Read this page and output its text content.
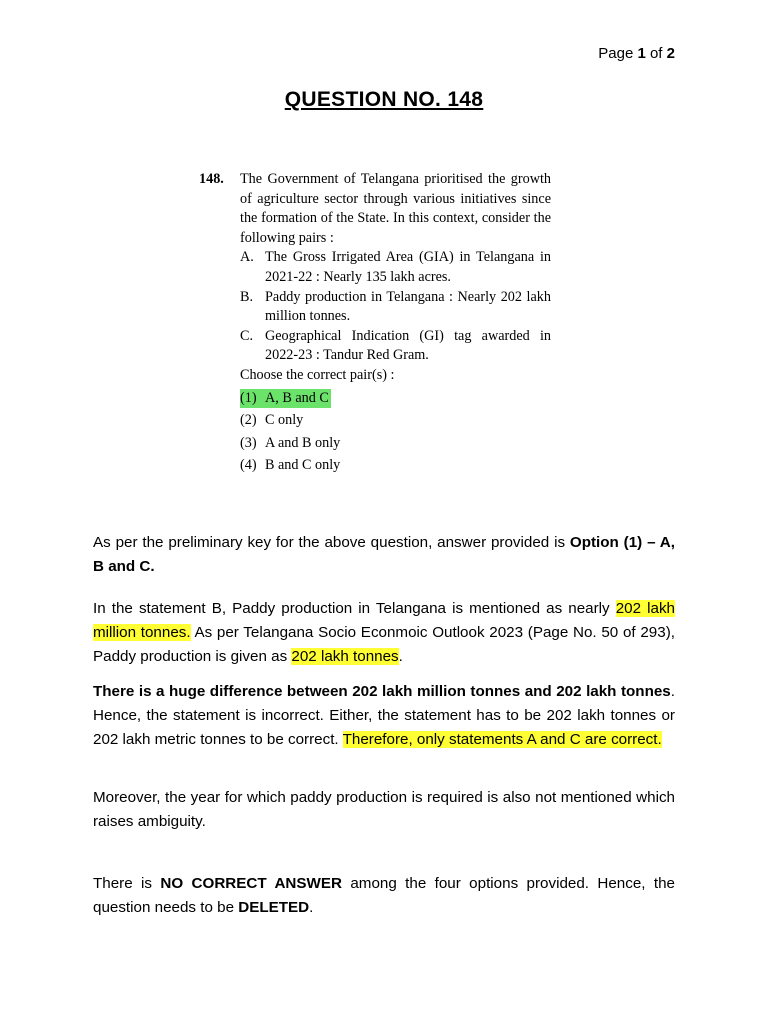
Page 1 of 2
QUESTION NO. 148
148. The Government of Telangana prioritised the growth of agriculture sector through various initiatives since the formation of the State. In this context, consider the following pairs :
A. The Gross Irrigated Area (GIA) in Telangana in 2021-22 : Nearly 135 lakh acres.
B. Paddy production in Telangana : Nearly 202 lakh million tonnes.
C. Geographical Indication (GI) tag awarded in 2022-23 : Tandur Red Gram.
Choose the correct pair(s) :
(1) A, B and C
(2) C only
(3) A and B only
(4) B and C only
As per the preliminary key for the above question, answer provided is Option (1) – A, B and C.
In the statement B, Paddy production in Telangana is mentioned as nearly 202 lakh million tonnes. As per Telangana Socio Econmoic Outlook 2023 (Page No. 50 of 293), Paddy production is given as 202 lakh tonnes.
There is a huge difference between 202 lakh million tonnes and 202 lakh tonnes. Hence, the statement is incorrect. Either, the statement has to be 202 lakh tonnes or 202 lakh metric tonnes to be correct. Therefore, only statements A and C are correct.
Moreover, the year for which paddy production is required is also not mentioned which raises ambiguity.
There is NO CORRECT ANSWER among the four options provided. Hence, the question needs to be DELETED.
